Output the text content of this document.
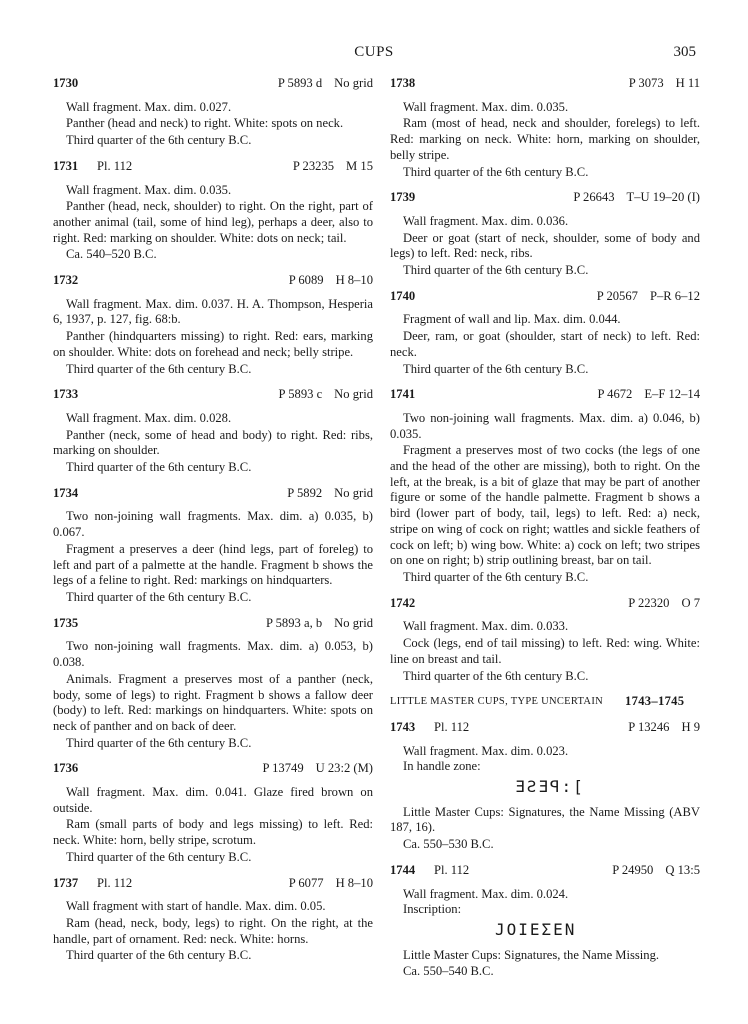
CUPS	305
1730	P 5893 d No grid

Wall fragment. Max. dim. 0.027.

Panther (head and neck) to right. White: spots on neck.

Third quarter of the 6th century B.C.

1731	Pl. 112	P 23235 M 15

Wall fragment. Max. dim. 0.035.

Panther (head, neck, shoulder) to right. On the right, part of another animal (tail, some of hind leg), perhaps a deer, also to right. Red: marking on shoulder. White: dots on neck; tail.

Ca. 540–520 B.C.

1732	P 6089 H 8–10

Wall fragment. Max. dim. 0.037. H. A. Thompson, Hesperia 6, 1937, p. 127, fig. 68:b.

Panther (hindquarters missing) to right. Red: ears, marking on shoulder. White: dots on forehead and neck; belly stripe.

Third quarter of the 6th century B.C.

1733	P 5893 c No grid

Wall fragment. Max. dim. 0.028.

Panther (neck, some of head and body) to right. Red: ribs, marking on shoulder.

Third quarter of the 6th century B.C.

1734	P 5892 No grid

Two non-joining wall fragments. Max. dim. a) 0.035, b) 0.067.

Fragment a preserves a deer (hind legs, part of foreleg) to left and part of a palmette at the handle. Fragment b shows the legs of a feline to right. Red: markings on hindquarters.

Third quarter of the 6th century B.C.

1735	P 5893 a, b No grid

Two non-joining wall fragments. Max. dim. a) 0.053, b) 0.038.

Animals. Fragment a preserves most of a panther (neck, body, some of legs) to right. Fragment b shows a fallow deer (body) to left. Red: markings on hindquarters. White: spots on neck of panther and on back of deer.

Third quarter of the 6th century B.C.

1736	P 13749 U 23:2 (M)

Wall fragment. Max. dim. 0.041. Glaze fired brown on outside.

Ram (small parts of body and legs missing) to left. Red: neck. White: horn, belly stripe, scrotum.

Third quarter of the 6th century B.C.

1737	Pl. 112	P 6077 H 8–10

Wall fragment with start of handle. Max. dim. 0.05.

Ram (head, neck, body, legs) to right. On the right, at the handle, part of ornament. Red: neck. White: horns.

Third quarter of the 6th century B.C.

1738	P 3073 H 11

Wall fragment. Max. dim. 0.035.

Ram (most of head, neck and shoulder, forelegs) to left. Red: marking on neck. White: horn, marking on shoulder, belly stripe.

Third quarter of the 6th century B.C.

1739	P 26643 T–U 19–20 (I)

Wall fragment. Max. dim. 0.036.

Deer or goat (start of neck, shoulder, some of body and legs) to left. Red: neck, ribs.

Third quarter of the 6th century B.C.

1740	P 20567 P–R 6–12

Fragment of wall and lip. Max. dim. 0.044.

Deer, ram, or goat (shoulder, start of neck) to left. Red: neck.

Third quarter of the 6th century B.C.

1741	P 4672 E–F 12–14

Two non-joining wall fragments. Max. dim. a) 0.046, b) 0.035.

Fragment a preserves most of two cocks (the legs of one and the head of the other are missing), both to right. On the left, at the break, is a bit of glaze that may be part of another figure or some of the handle palmette. Fragment b shows a bird (lower part of body, tail, legs) to left. Red: a) neck, stripe on wing of cock on right; wattles and sickle feathers of cock on left; b) wing bow. White: a) cock on left; two stripes on one on right; b) strip outlining breast, bar on tail.

Third quarter of the 6th century B.C.

1742	P 22320 O 7

Wall fragment. Max. dim. 0.033.

Cock (legs, end of tail missing) to left. Red: wing. White: line on breast and tail.

Third quarter of the 6th century B.C.

LITTLE MASTER CUPS, TYPE UNCERTAIN 1743–1745
1743	Pl. 112	P 13246 H 9

Wall fragment. Max. dim. 0.023.

In handle zone:

ƎƧƎꟼ:[

Little Master Cups: Signatures, the Name Missing (ABV 187, 16).

Ca. 550–530 B.C.

1744	Pl. 112	P 24950 Q 13:5

Wall fragment. Max. dim. 0.024.

Inscription:

JOΙΕΣΕΝ

Little Master Cups: Signatures, the Name Missing.

Ca. 550–540 B.C.
